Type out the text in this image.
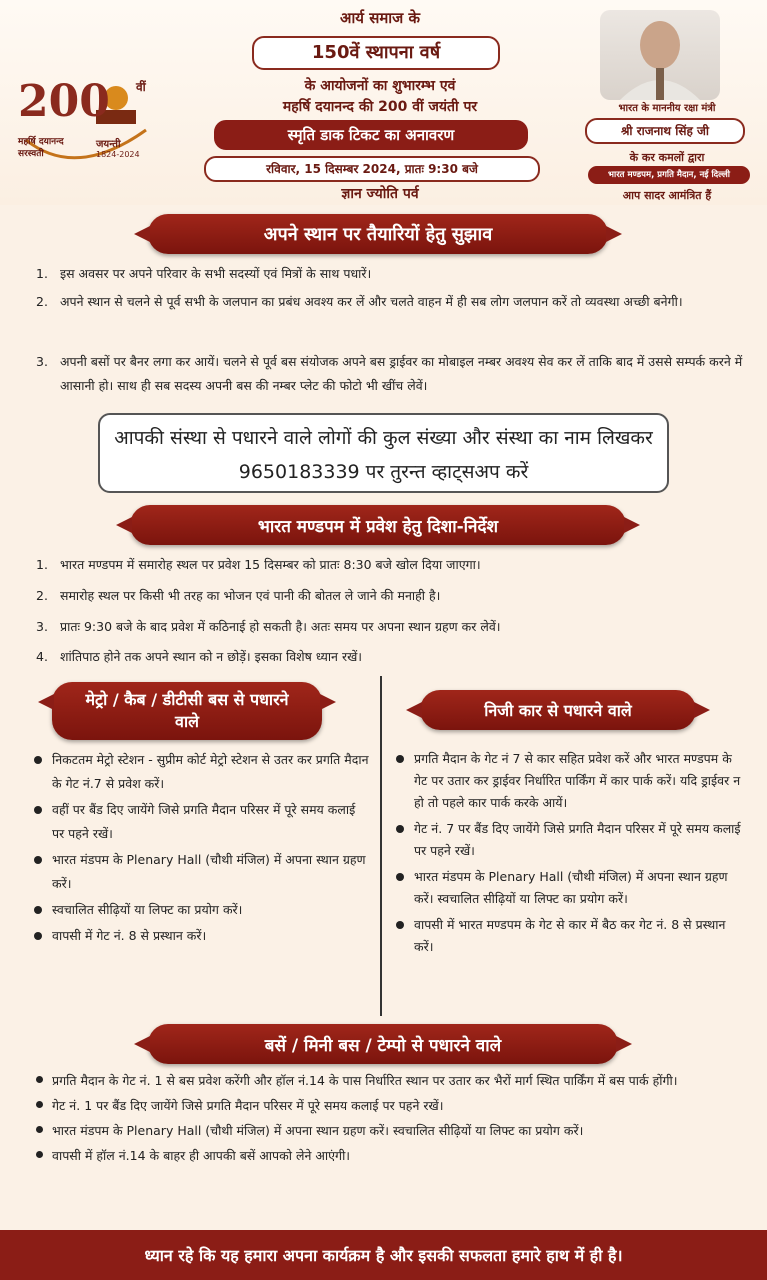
200 वीं
महर्षि दयानन्द सरस्वती
जयन्ती
1824-2024
आर्य समाज के
150वें स्थापना वर्ष
के आयोजनों का शुभारम्भ एवं
महर्षि दयानन्द की 200 वीं जयंती पर
स्मृति डाक टिकट का अनावरण
रविवार, 15 दिसम्बर 2024, प्रातः 9:30 बजे
ज्ञान ज्योति पर्व
भारत के माननीय रक्षा मंत्री
श्री राजनाथ सिंह जी
के कर कमलों द्वारा
भारत मण्डपम, प्रगति मैदान, नई दिल्ली
आप सादर आमंत्रित हैं
अपने स्थान पर तैयारियों हेतु सुझाव
1. इस अवसर पर अपने परिवार के सभी सदस्यों एवं मित्रों के साथ पधारें।
2. अपने स्थान से चलने से पूर्व सभी के जलपान का प्रबंध अवश्य कर लें और चलते वाहन में ही सब लोग जलपान करें तो व्यवस्था अच्छी बनेगी।
3. अपनी बसों पर बैनर लगा कर आयें। चलने से पूर्व बस संयोजक अपने बस ड्राईवर का मोबाइल नम्बर अवश्य सेव कर लें ताकि बाद में उससे सम्पर्क करने में आसानी हो। साथ ही सब सदस्य अपनी बस की नम्बर प्लेट की फोटो भी खींच लेवें।
आपकी संस्था से पधारने वाले लोगों की कुल संख्या और संस्था का नाम लिखकर 9650183339 पर तुरन्त व्हाट्सअप करें
भारत मण्डपम में प्रवेश हेतु दिशा-निर्देश
1. भारत मण्डपम में समारोह स्थल पर प्रवेश 15 दिसम्बर को प्रातः 8:30 बजे खोल दिया जाएगा।
2. समारोह स्थल पर किसी भी तरह का भोजन एवं पानी की बोतल ले जाने की मनाही है।
3. प्रातः 9:30 बजे के बाद प्रवेश में कठिनाई हो सकती है। अतः समय पर अपना स्थान ग्रहण कर लेवें।
4. शांतिपाठ होने तक अपने स्थान को न छोड़ें। इसका विशेष ध्यान रखें।
मेट्रो / कैब / डीटीसी बस से पधारने वाले
निजी कार से पधारने वाले
निकटतम मेट्रो स्टेशन - सुप्रीम कोर्ट मेट्रो स्टेशन से उतर कर प्रगति मैदान के गेट नं.7 से प्रवेश करें।
वहीं पर बैंड दिए जायेंगे जिसे प्रगति मैदान परिसर में पूरे समय कलाई पर पहने रखें।
भारत मंडपम के Plenary Hall (चौथी मंजिल) में अपना स्थान ग्रहण करें।
स्वचालित सीढ़ियों या लिफ्ट का प्रयोग करें।
वापसी में गेट नं. 8 से प्रस्थान करें।
प्रगति मैदान के गेट नं 7 से कार सहित प्रवेश करें और भारत मण्डपम के गेट पर उतार कर ड्राईवर निर्धारित पार्किंग में कार पार्क करें। यदि ड्राईवर न हो तो पहले कार पार्क करके आयें।
गेट नं. 7 पर बैंड दिए जायेंगे जिसे प्रगति मैदान परिसर में पूरे समय कलाई पर पहने रखें।
भारत मंडपम के Plenary Hall (चौथी मंजिल) में अपना स्थान ग्रहण करें। स्वचालित सीढ़ियों या लिफ्ट का प्रयोग करें।
वापसी में भारत मण्डपम के गेट से कार में बैठ कर गेट नं. 8 से प्रस्थान करें।
बसें / मिनी बस / टेम्पो से पधारने वाले
प्रगति मैदान के गेट नं. 1 से बस प्रवेश करेंगी और हॉल नं.14 के पास निर्धारित स्थान पर उतार कर भैरों मार्ग स्थित पार्किंग में बस पार्क होंगी।
गेट नं. 1 पर बैंड दिए जायेंगे जिसे प्रगति मैदान परिसर में पूरे समय कलाई पर पहने रखें।
भारत मंडपम के Plenary Hall (चौथी मंजिल) में अपना स्थान ग्रहण करें। स्वचालित सीढ़ियों या लिफ्ट का प्रयोग करें।
वापसी में हॉल नं.14 के बाहर ही आपकी बसें आपको लेने आएंगी।
ध्यान रहे कि यह हमारा अपना कार्यक्रम है और इसकी सफलता हमारे हाथ में ही है।
